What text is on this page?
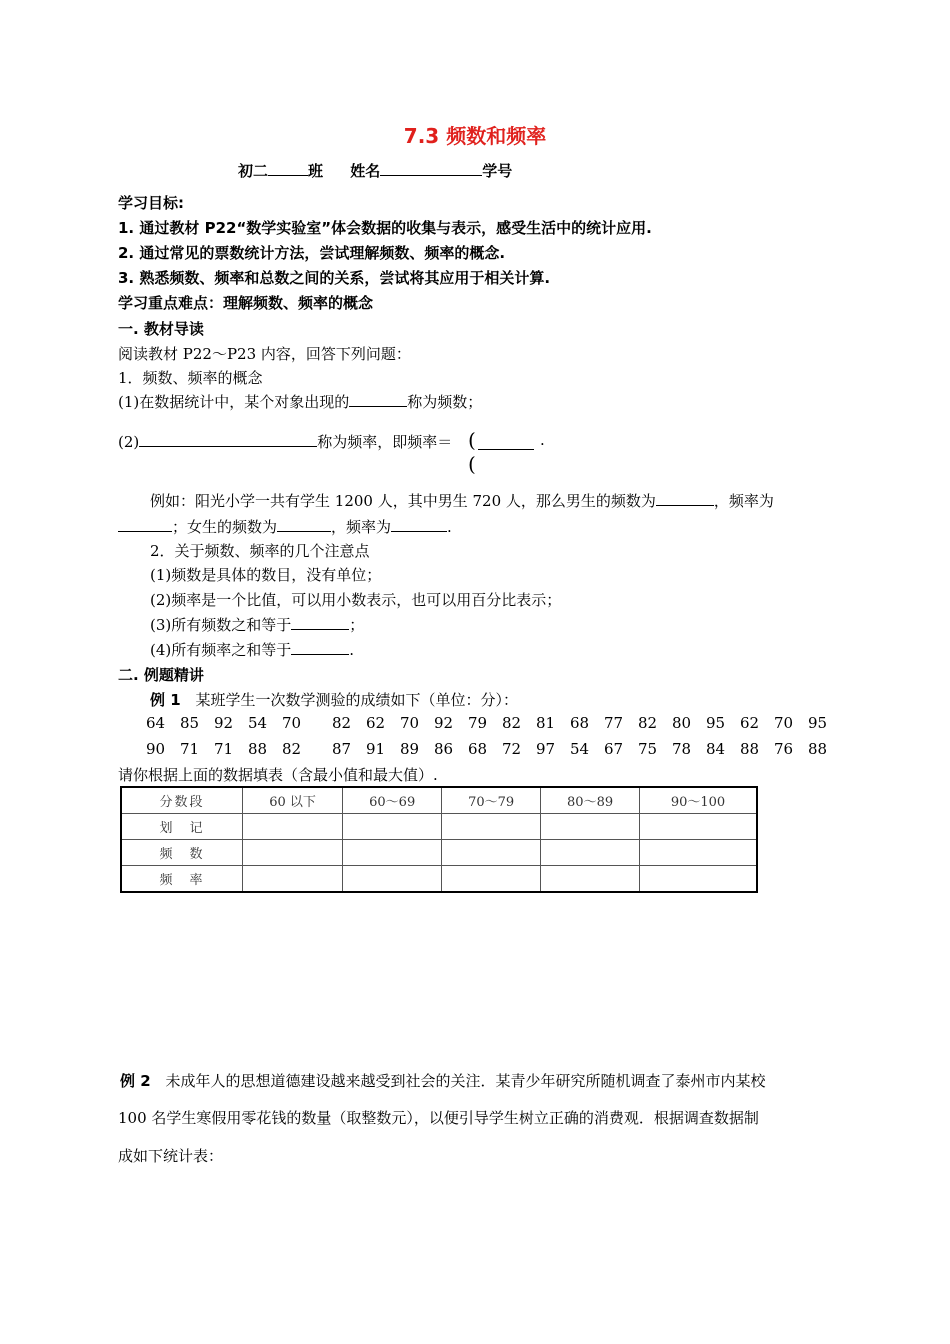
7.3 频数和频率
初二	班 姓名	学号
学习目标:
1. 通过教材 P22“数学实验室”体会数据的收集与表示，感受生活中的统计应用.
2. 通过常见的票数统计方法，尝试理解频数、频率的概念.
3. 熟悉频数、频率和总数之间的关系，尝试将其应用于相关计算.
学习重点难点：理解频数、频率的概念
一. 教材导读
阅读教材 P22～P23 内容，回答下列问题：
1．频数、频率的概念
(1)在数据统计中，某个对象出现的	称为频数；
(2)	称为频率，即频率＝ (
(
.
例如：阳光小学一共有学生 1200 人，其中男生 720 人，那么男生的频数为	，频率为
；女生的频数为	，频率为	.
2．关于频数、频率的几个注意点
(1)频数是具体的数目，没有单位；
(2)频率是一个比值，可以用小数表示，也可以用百分比表示；
(3)所有频数之和等于	；
(4)所有频率之和等于	.
二. 例题精讲
例 1 某班学生一次数学测验的成绩如下（单位：分）：
64 85 92 54 70 82 62 70 92 79 82 81 68 77 82 80 95 62 70 95
90 71 71 88 82 87 91 89 86 68 72 97 54 67 75 78 84 88 76 88
请你根据上面的数据填表（含最小值和最大值）.
分数段	60 以下	60～69	70～79	80～89	90～100
划　记					
频　数					
频　率					
例 2 未成年人的思想道德建设越来越受到社会的关注．某青少年研究所随机调查了泰州市内某校
100 名学生寒假用零花钱的数量（取整数元），以便引导学生树立正确的消费观．根据调查数据制
成如下统计表：
